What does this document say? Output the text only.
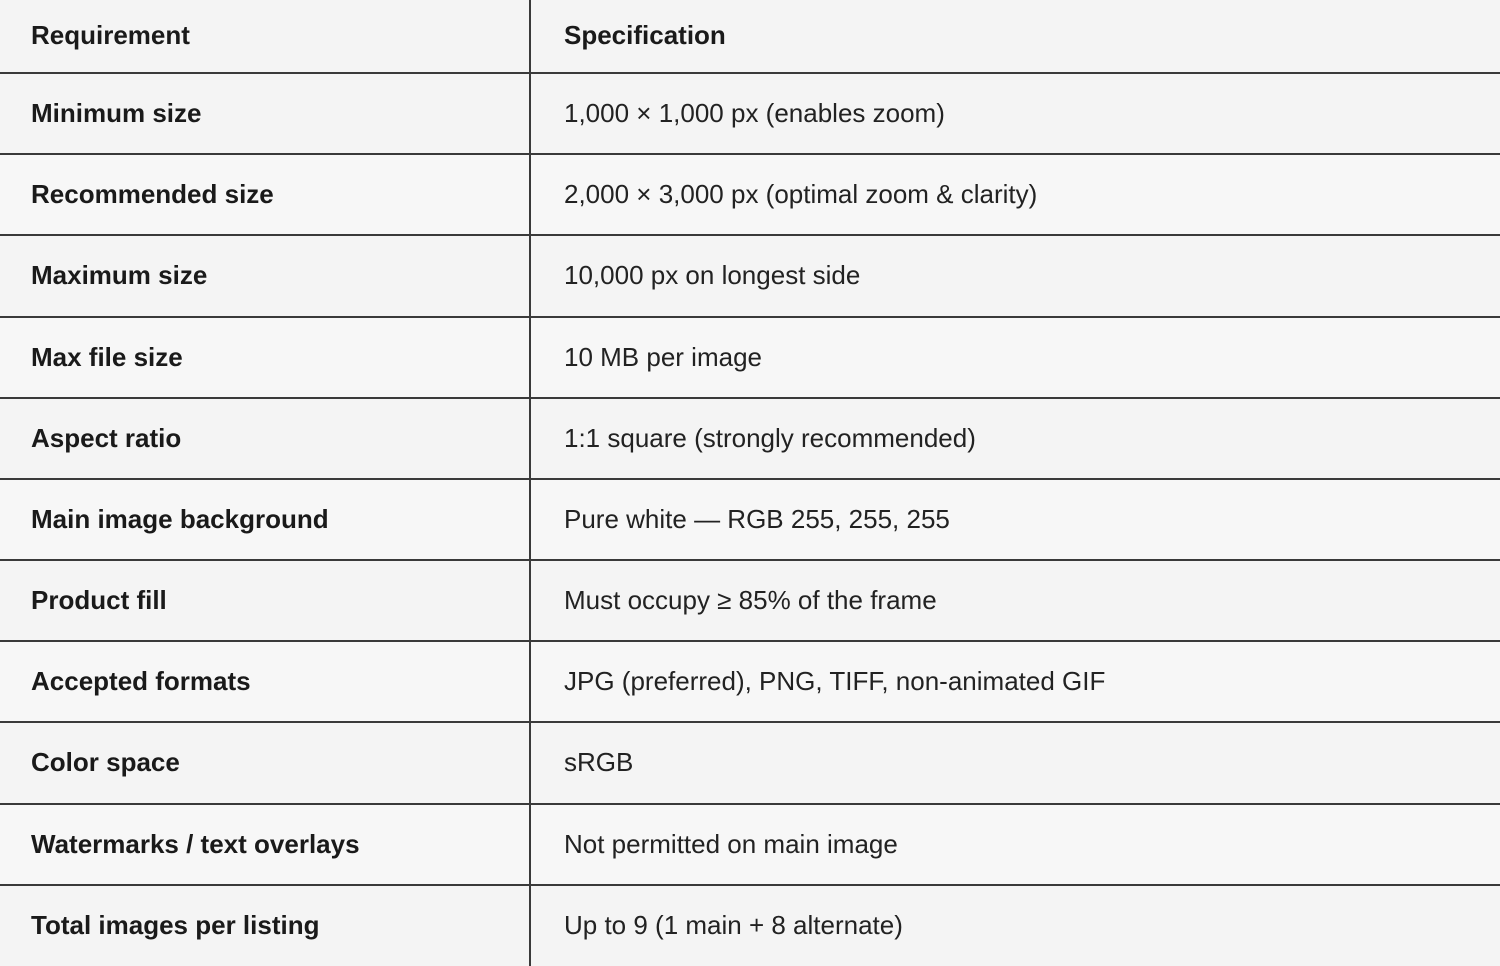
Requirement	Specification
Minimum size	1,000 × 1,000 px (enables zoom)
Recommended size	2,000 × 3,000 px (optimal zoom & clarity)
Maximum size	10,000 px on longest side
Max file size	10 MB per image
Aspect ratio	1:1 square (strongly recommended)
Main image background	Pure white — RGB 255, 255, 255
Product fill	Must occupy ≥ 85% of the frame
Accepted formats	JPG (preferred), PNG, TIFF, non-animated GIF
Color space	sRGB
Watermarks / text overlays	Not permitted on main image
Total images per listing	Up to 9 (1 main + 8 alternate)
